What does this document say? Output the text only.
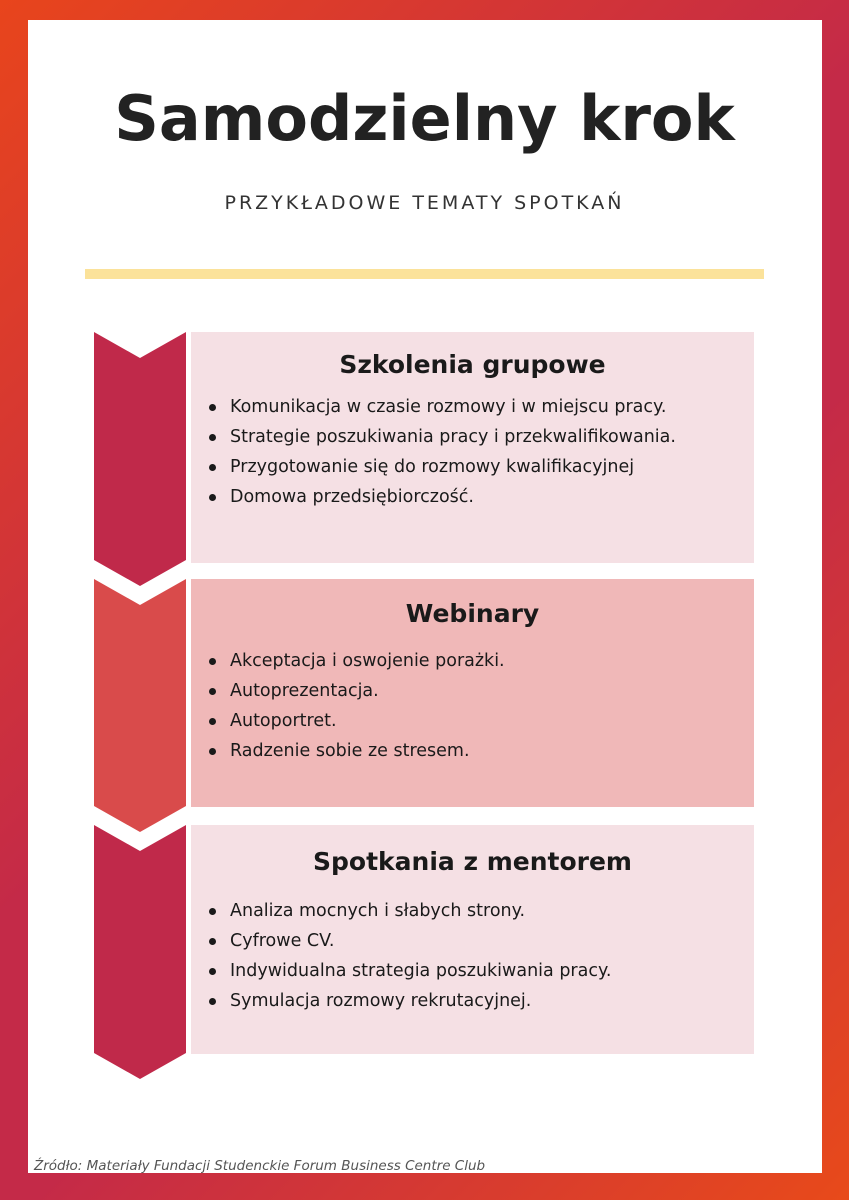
Samodzielny krok

PRZYKŁADOWE TEMATY SPOTKAŃ

Szkolenia grupowe
Komunikacja w czasie rozmowy i w miejscu pracy.
Strategie poszukiwania pracy i przekwalifikowania.
Przygotowanie się do rozmowy kwalifikacyjnej
Domowa przedsiębiorczość.
Webinary
Akceptacja i oswojenie porażki.
Autoprezentacja.
Autoportret.
Radzenie sobie ze stresem.
Spotkania z mentorem
Analiza mocnych i słabych strony.
Cyfrowe CV.
Indywidualna strategia poszukiwania pracy.
Symulacja rozmowy rekrutacyjnej.

Źródło: Materiały Fundacji Studenckie Forum Business Centre Club
